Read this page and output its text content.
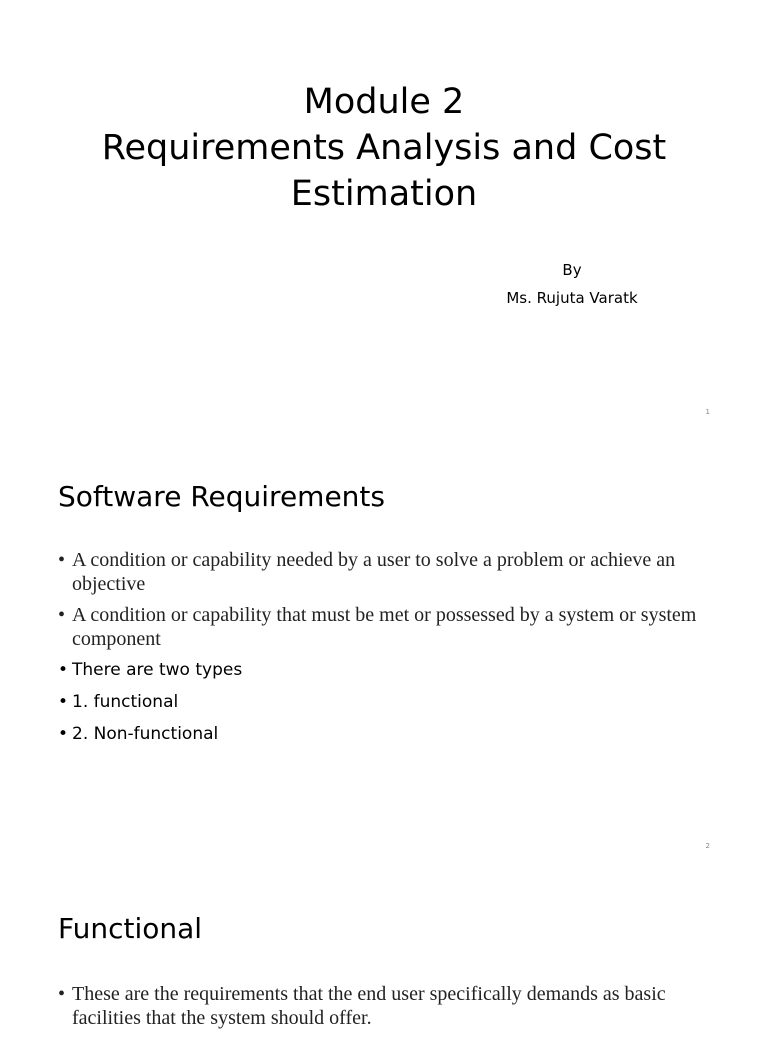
Module 2
Requirements Analysis and Cost
Estimation
By
Ms. Rujuta Varatk
1
Software Requirements
• A condition or capability needed by a user to solve a problem or achieve an objective
• A condition or capability that must be met or possessed by a system or system component
• There are two types
• 1. functional
• 2. Non-functional
2
Functional
• These are the requirements that the end user specifically demands as basic facilities that the system should offer.
